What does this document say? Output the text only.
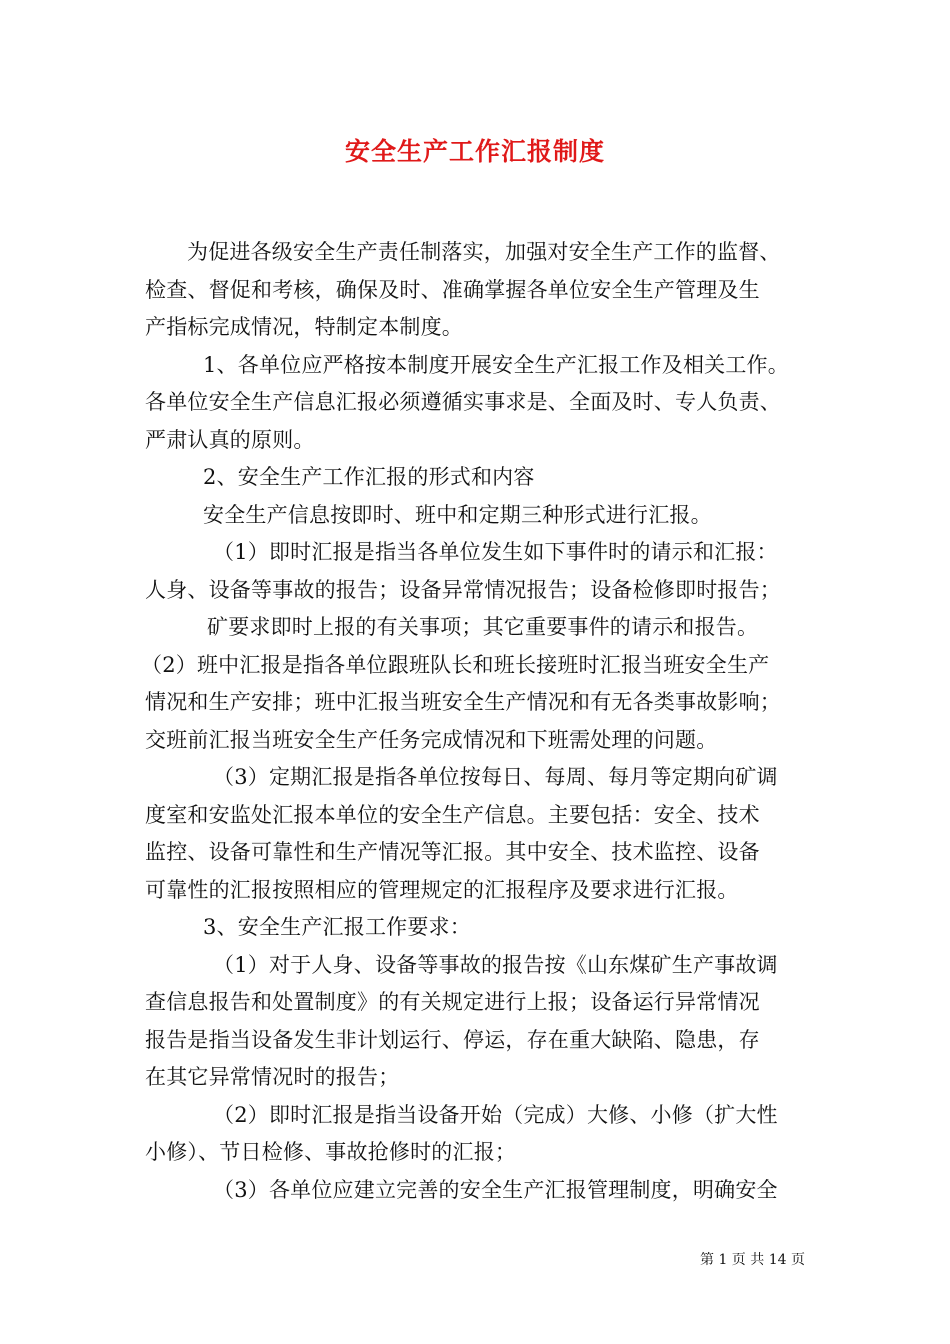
安全生产工作汇报制度
为促进各级安全生产责任制落实，加强对安全生产工作的监督、
检查、督促和考核，确保及时、准确掌握各单位安全生产管理及生
产指标完成情况，特制定本制度。
1、各单位应严格按本制度开展安全生产汇报工作及相关工作。
各单位安全生产信息汇报必须遵循实事求是、全面及时、专人负责、
严肃认真的原则。
2、安全生产工作汇报的形式和内容
安全生产信息按即时、班中和定期三种形式进行汇报。
（1）即时汇报是指当各单位发生如下事件时的请示和汇报：
人身、设备等事故的报告；设备异常情况报告；设备检修即时报告；
矿要求即时上报的有关事项；其它重要事件的请示和报告。
（2）班中汇报是指各单位跟班队长和班长接班时汇报当班安全生产
情况和生产安排；班中汇报当班安全生产情况和有无各类事故影响；
交班前汇报当班安全生产任务完成情况和下班需处理的问题。
（3）定期汇报是指各单位按每日、每周、每月等定期向矿调
度室和安监处汇报本单位的安全生产信息。主要包括：安全、技术
监控、设备可靠性和生产情况等汇报。其中安全、技术监控、设备
可靠性的汇报按照相应的管理规定的汇报程序及要求进行汇报。
3、安全生产汇报工作要求：
（1）对于人身、设备等事故的报告按《山东煤矿生产事故调
查信息报告和处置制度》的有关规定进行上报；设备运行异常情况
报告是指当设备发生非计划运行、停运，存在重大缺陷、隐患，存
在其它异常情况时的报告；
（2）即时汇报是指当设备开始（完成）大修、小修（扩大性
小修）、节日检修、事故抢修时的汇报；
（3）各单位应建立完善的安全生产汇报管理制度，明确安全
第 1 页 共 14 页
